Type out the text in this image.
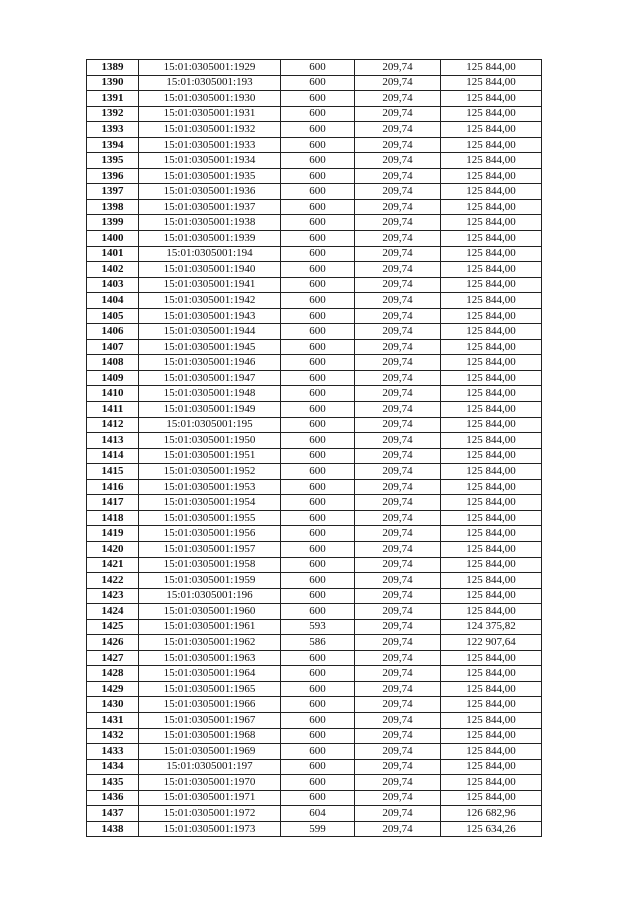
1389	15:01:0305001:1929	600	209,74	125 844,00
1390	15:01:0305001:193	600	209,74	125 844,00
1391	15:01:0305001:1930	600	209,74	125 844,00
1392	15:01:0305001:1931	600	209,74	125 844,00
1393	15:01:0305001:1932	600	209,74	125 844,00
1394	15:01:0305001:1933	600	209,74	125 844,00
1395	15:01:0305001:1934	600	209,74	125 844,00
1396	15:01:0305001:1935	600	209,74	125 844,00
1397	15:01:0305001:1936	600	209,74	125 844,00
1398	15:01:0305001:1937	600	209,74	125 844,00
1399	15:01:0305001:1938	600	209,74	125 844,00
1400	15:01:0305001:1939	600	209,74	125 844,00
1401	15:01:0305001:194	600	209,74	125 844,00
1402	15:01:0305001:1940	600	209,74	125 844,00
1403	15:01:0305001:1941	600	209,74	125 844,00
1404	15:01:0305001:1942	600	209,74	125 844,00
1405	15:01:0305001:1943	600	209,74	125 844,00
1406	15:01:0305001:1944	600	209,74	125 844,00
1407	15:01:0305001:1945	600	209,74	125 844,00
1408	15:01:0305001:1946	600	209,74	125 844,00
1409	15:01:0305001:1947	600	209,74	125 844,00
1410	15:01:0305001:1948	600	209,74	125 844,00
1411	15:01:0305001:1949	600	209,74	125 844,00
1412	15:01:0305001:195	600	209,74	125 844,00
1413	15:01:0305001:1950	600	209,74	125 844,00
1414	15:01:0305001:1951	600	209,74	125 844,00
1415	15:01:0305001:1952	600	209,74	125 844,00
1416	15:01:0305001:1953	600	209,74	125 844,00
1417	15:01:0305001:1954	600	209,74	125 844,00
1418	15:01:0305001:1955	600	209,74	125 844,00
1419	15:01:0305001:1956	600	209,74	125 844,00
1420	15:01:0305001:1957	600	209,74	125 844,00
1421	15:01:0305001:1958	600	209,74	125 844,00
1422	15:01:0305001:1959	600	209,74	125 844,00
1423	15:01:0305001:196	600	209,74	125 844,00
1424	15:01:0305001:1960	600	209,74	125 844,00
1425	15:01:0305001:1961	593	209,74	124 375,82
1426	15:01:0305001:1962	586	209,74	122 907,64
1427	15:01:0305001:1963	600	209,74	125 844,00
1428	15:01:0305001:1964	600	209,74	125 844,00
1429	15:01:0305001:1965	600	209,74	125 844,00
1430	15:01:0305001:1966	600	209,74	125 844,00
1431	15:01:0305001:1967	600	209,74	125 844,00
1432	15:01:0305001:1968	600	209,74	125 844,00
1433	15:01:0305001:1969	600	209,74	125 844,00
1434	15:01:0305001:197	600	209,74	125 844,00
1435	15:01:0305001:1970	600	209,74	125 844,00
1436	15:01:0305001:1971	600	209,74	125 844,00
1437	15:01:0305001:1972	604	209,74	126 682,96
1438	15:01:0305001:1973	599	209,74	125 634,26
